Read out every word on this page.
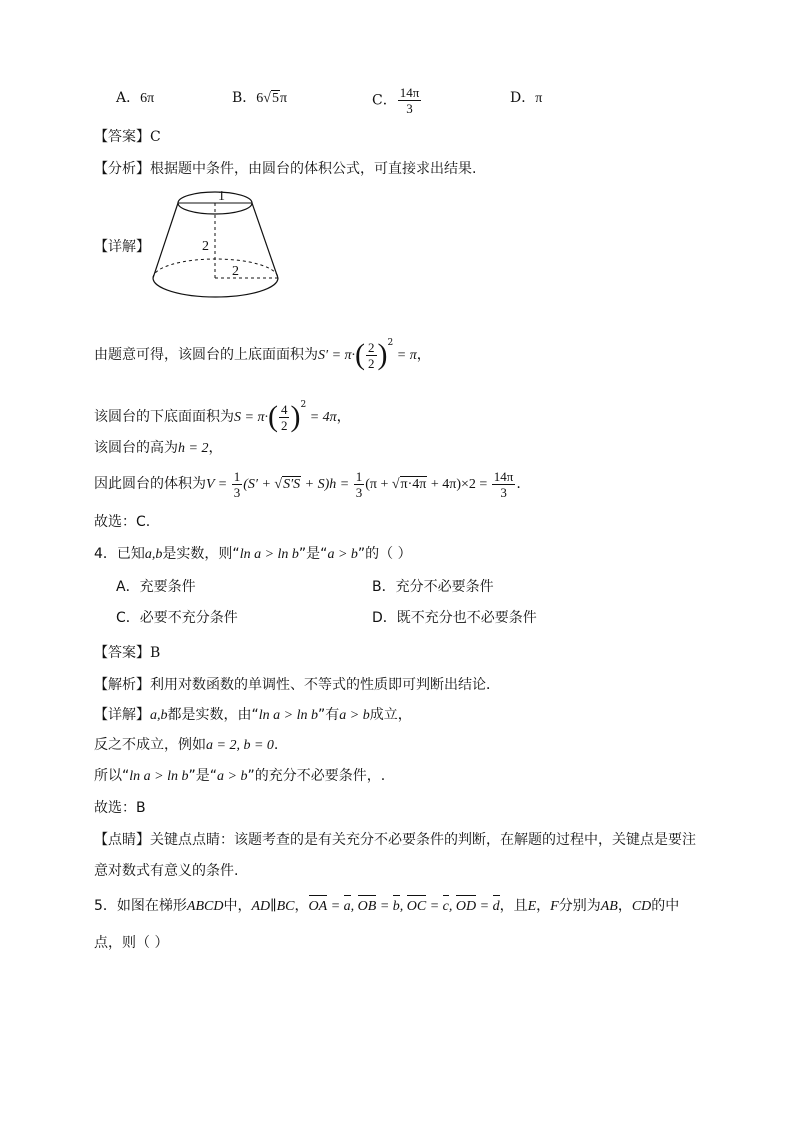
A．6π	B．6√5π	C． $\frac{14\pi}{3}$	D．π
【答案】C
【分析】根据题中条件，由圆台的体积公式，可直接求出结果.
【详解】
1
2
2
由题意可得，该圆台的上底面面积为$S' = \pi\cdot( \frac{2}{2} )^2 = \pi$，
该圆台的下底面面积为$S = \pi\cdot( \frac{4}{2} )^2 = 4\pi$，
该圆台的高为h = 2，
因此圆台的体积为$V = \frac{1}{3} (S' + √S'S + S)h = \frac{1}{3} (\pi + √\pi\cdot 4\pi + 4\pi)\times 2 = \frac{14\pi}{3}$ .
故选：C.
4．已知a,b是实数，则“ln a > ln b”是“a > b”的（ ）
A．充要条件	B．充分不必要条件
C．必要不充分条件	D．既不充分也不必要条件
【答案】B
【解析】利用对数函数的单调性、不等式的性质即可判断出结论．
【详解】a,b都是实数，由“ln a > ln b”有a > b成立，
反之不成立，例如a = 2, b = 0.
所以“ln a > ln b”是“a > b”的充分不必要条件，.
故选：B
【点睛】关键点点睛：该题考查的是有关充分不必要条件的判断，在解题的过程中，关键点是要注
意对数式有意义的条件.
5．如图在梯形ABCD中，AD∥BC，OA = a, OB = b, OC = c, OD = d，且E，F分别为AB，CD的中
点，则（ ）
